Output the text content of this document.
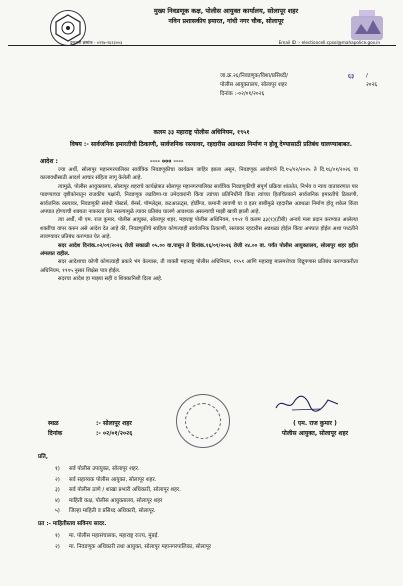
मुख्य निवडणूक कक्ष, पोलीस आयुक्त कार्यालय, सोलापूर शहर
नविन प्रशासकीय इमारत, गांधी नगर चौक, सोलापूर
दुरध्वनी क्रमांक - ०२१७-२६२३००३	Email ID :- electioncell.cpsol@mahapolice.gov.in
जा.क्र.२६/निवडणूक/विशा/प्रसिध्दी/	६३	/२०२६
पोलीस आयुक्तालय, सोलापूर शहर
दिनांक :-०२/०१/२०२६
कलम ३३ महाराष्ट्र पोलीस अधिनियम, १९५१
विषय :- सार्वजनिक इमारतीची ठिकाणी, सार्वजनिक रस्त्यावर, रहदारीस अडथळा निर्माण न होवू देण्यासाठी प्रतिबंध घालण्याबाबत.
आदेश :	---- ००० ----

ज्या अर्थी, सोलापूर महानगरपालिका सार्वत्रिक निवडणूकीचा कार्यक्रम जाहिर झाला असून, निवडणूक आयोगाने दि.१५/१२/२०२५ ते दि.१६/०१/२०२६ या कालावधीसाठी आदर्श आचार संहिता लागू केलेली आहे.

त्यामुळे, पोलीस आयुक्तालय, सोलापूर शहराचे कार्यक्षेत्रात सोलापूर महानगरपालिका सार्वत्रिक निवडणूकीची संपूर्ण प्रक्रिया शांततेत, निर्भय व न्याय वातावरणात पार पाडण्याच्या दृष्टीकोनातून राजकीय पक्षांनी, निवडणूक लढविणा-या उमेदवारांनी किंवा त्यांच्या प्रतिनिधींनी किंवा त्यांच्या हितचिंतकाने सार्वजनिक इमारतीचे ठिकाणी, सार्वजनिक रस्त्यावर, निवडणूकी संबंधी पोस्टर्स, बॅनर्स, पॉम्प्लेट्स, कटआऊट्स, होर्डींग्ज, कमानी लावणी या व इतर बाबींमुळे रहदारीस अडथळा निर्माण होवू शकेल किंवा अपघात होण्याची शक्यता नाकारता येत नसल्यामुळे त्यावर प्रतिबंध घालणे आवश्यक असल्याची माझी खात्री झाली आहे.

त्या अर्थी, मी एम. राज कुमार, पोलीस आयुक्त, सोलापूर शहर, महाराष्ट्र पोलीस अधिनियम, १९५१ चे कलम ३३(१)(टीबी) अन्वये मला प्रदान करण्यात आलेल्या शक्तींचा वापर करुन असे आदेश देत आहे की, निवडणूकीचे साहित्य कोणत्याही सार्वजनिक ठिकाणी, रस्त्यावर रहदारीस अडथळा होईल किंवा अपघात होईल अशा पध्दतीने लावण्यावर प्रतिबंध करण्यात येत आहे.

सदर आदेश दिनांक.०२/०१/२०२६ रोजी सकाळी ०५.०० वा.पासुन ते दिनांक.१६/०१/२०२६ रोजी २४.०० वा. पर्यंत पोलीस आयुक्तालय, सोलापूर शहर हद्दीत अंमलात राहील.

सदर आदेशाचा कोणी कोणत्याही प्रकारे भंग केल्यास, ती व्यक्ती महाराष्ट्र पोलीस अधिनियम, १९५१ आणि महाराष्ट्र मालमत्तेच्या विद्रुपणास प्रतिबंध करण्याकरीता अधिनियम, १९९५ नुसार शिक्षेस पात्र होईल.

सदरचा आदेश हा माझ्या सही व शिक्कानिशी दिला आहे.

स्थळ	:- सोलापूर शहर
दिनांक	:- ०२/०१/२०२६
( एम. राज कुमार )
पोलीस आयुक्त, सोलापूर शहर
प्रति,
१) सर्व पोलीस उपायुक्त, सोलापूर शहर.
२) सर्व सहाय्यक पोलीस आयुक्त, सोलापूर शहर.
३) सर्व पोलीस ठाणे / शाखा प्रभारी अधिकारी, सोलापूर शहर.
४) माहिती कक्ष, पोलीस आयुक्तालय, सोलापूर शहर
५) जिल्हा माहिती व प्रसिध्द अधिकारी, सोलापूर.
प्रत :- माहितीस्तव सविनय सादर.
१) मा. पोलीस महासंचालक, महाराष्ट्र राज्य, मुंबई.
२) मा. निवडणूक अधिकारी तथा आयुक्त, सोलापूर महानगरपालिका, सोलापूर
